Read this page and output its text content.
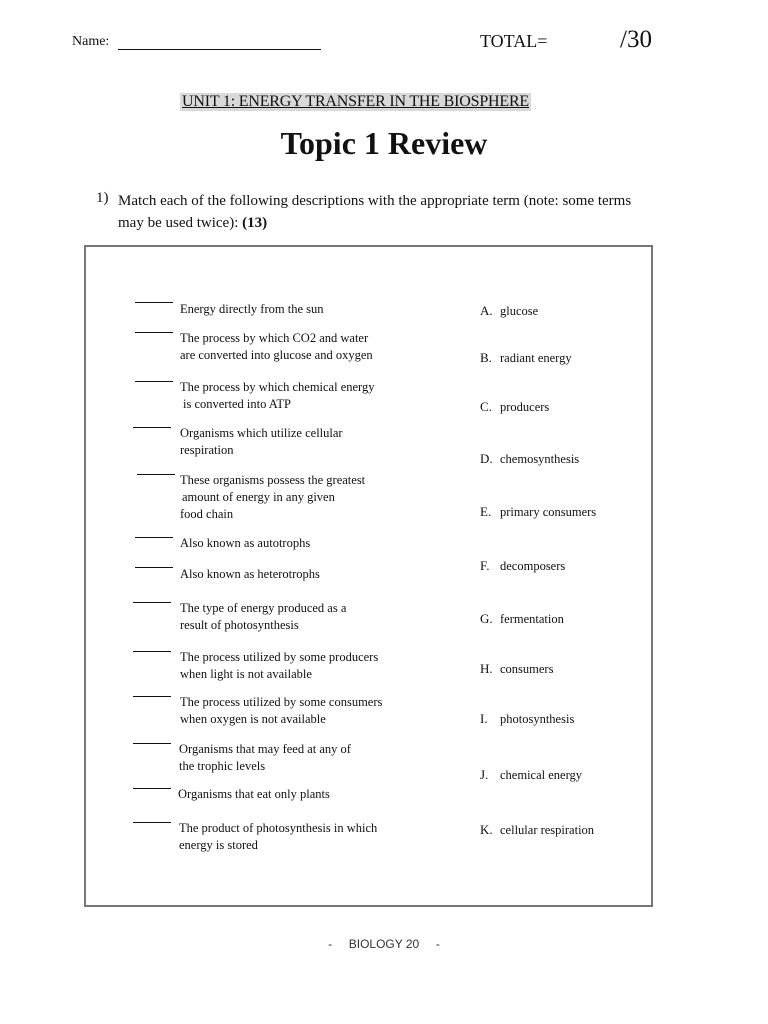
Name:	TOTAL=	/30
UNIT 1: ENERGY TRANSFER IN THE BIOSPHERE
Topic 1 Review
1) Match each of the following descriptions with the appropriate term (note: some terms may be used twice): (13)
Energy directly from the sun
The process by which CO2 and water
are converted into glucose and oxygen
The process by which chemical energy
is converted into ATP
Organisms which utilize cellular
respiration
These organisms possess the greatest
amount of energy in any given
food chain
Also known as autotrophs
Also known as heterotrophs
The type of energy produced as a
result of photosynthesis
The process utilized by some producers
when light is not available
The process utilized by some consumers
when oxygen is not available
Organisms that may feed at any of
the trophic levels
Organisms that eat only plants
The product of photosynthesis in which
energy is stored
A. glucose
B. radiant energy
C. producers
D. chemosynthesis
E. primary consumers
F. decomposers
G. fermentation
H. consumers
I. photosynthesis
J. chemical energy
K. cellular respiration
-     BIOLOGY 20     -
